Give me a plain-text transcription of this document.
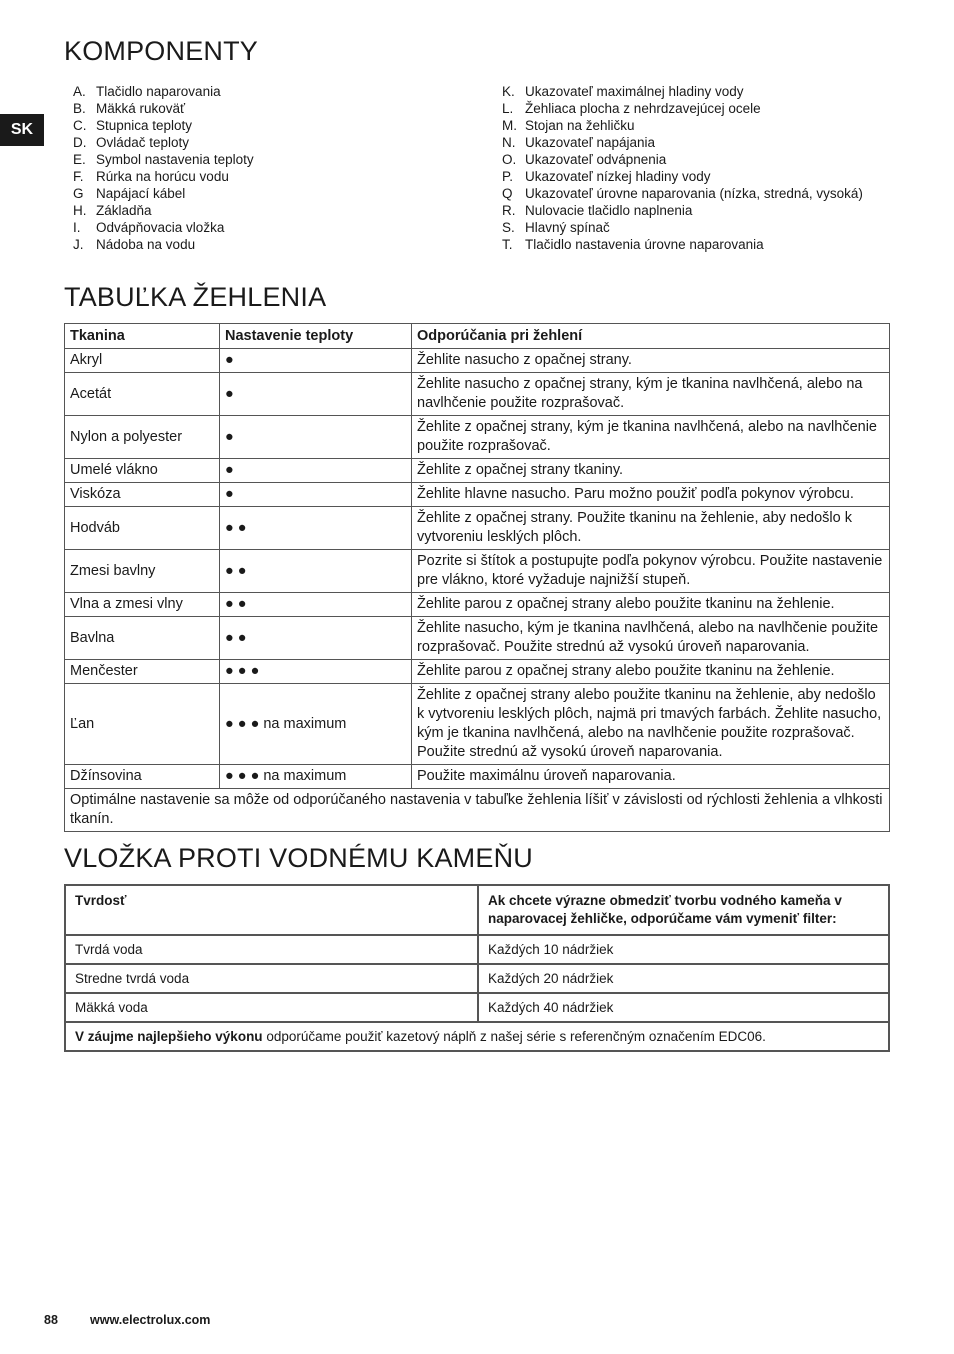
SK
KOMPONENTY
A. Tlačidlo naparovania
B. Mäkká rukoväť
C. Stupnica teploty
D. Ovládač teploty
E. Symbol nastavenia teploty
F. Rúrka na horúcu vodu
G Napájací kábel
H. Základňa
I.	Odvápňovacia vložka
J. Nádoba na vodu
K. Ukazovateľ maximálnej hladiny vody
L. Žehliaca plocha z nehrdzavejúcej ocele
M. Stojan na žehličku
N. Ukazovateľ napájania
O. Ukazovateľ odvápnenia
P. Ukazovateľ nízkej hladiny vody
Q Ukazovateľ úrovne naparovania (nízka, stredná, vysoká)
R. Nulovacie tlačidlo naplnenia
S. Hlavný spínač
T. Tlačidlo nastavenia úrovne naparovania
TABUĽKA ŽEHLENIA
Tkanina	Nastavenie teploty	Odporúčania pri žehlení
Akryl	●	Žehlite nasucho z opačnej strany.
Acetát	●	Žehlite nasucho z opačnej strany, kým je tkanina navlhčená, alebo na navlhčenie použite rozprašovač.
Nylon a polyester	●	Žehlite z opačnej strany, kým je tkanina navlhčená, alebo na navlhčenie použite rozprašovač.
Umelé vlákno	●	Žehlite z opačnej strany tkaniny.
Viskóza	●	Žehlite hlavne nasucho. Paru možno použiť podľa pokynov výrobcu.
Hodváb	● ●	Žehlite z opačnej strany. Použite tkaninu na žehlenie, aby nedošlo k vytvoreniu lesklých plôch.
Zmesi bavlny	● ●	Pozrite si štítok a postupujte podľa pokynov výrobcu. Použite nastavenie pre vlákno, ktoré vyžaduje najnižší stupeň.
Vlna a zmesi vlny	● ●	Žehlite parou z opačnej strany alebo použite tkaninu na žehlenie.
Bavlna	● ●	Žehlite nasucho, kým je tkanina navlhčená, alebo na navlhčenie použite rozprašovač. Použite strednú až vysokú úroveň naparovania.
Menčester	● ● ●	Žehlite parou z opačnej strany alebo použite tkaninu na žehlenie.
Ľan	● ● ● na maximum	Žehlite z opačnej strany alebo použite tkaninu na žehlenie, aby nedošlo k vytvoreniu lesklých plôch, najmä pri tmavých farbách. Žehlite nasucho, kým je tkanina navlhčená, alebo na navlhčenie použite rozprašovač. Použite strednú až vysokú úroveň naparovania.
Džínsovina	● ● ● na maximum	Použite maximálnu úroveň naparovania.
Optimálne nastavenie sa môže od odporúčaného nastavenia v tabuľke žehlenia líšiť v závislosti od rýchlosti žehlenia a vlhkosti tkanín.		
VLOŽKA PROTI VODNÉMU KAMEŇU
Tvrdosť	Ak chcete výrazne obmedziť tvorbu vodného kameňa v naparovacej žehličke, odporúčame vám vymeniť filter:
Tvrdá voda	Každých 10 nádržiek
Stredne tvrdá voda	Každých 20 nádržiek
Mäkká voda	Každých 40 nádržiek
V záujme najlepšieho výkonu odporúčame použiť kazetový náplň z našej série s referenčným označením EDC06.	
88	www.electrolux.com
